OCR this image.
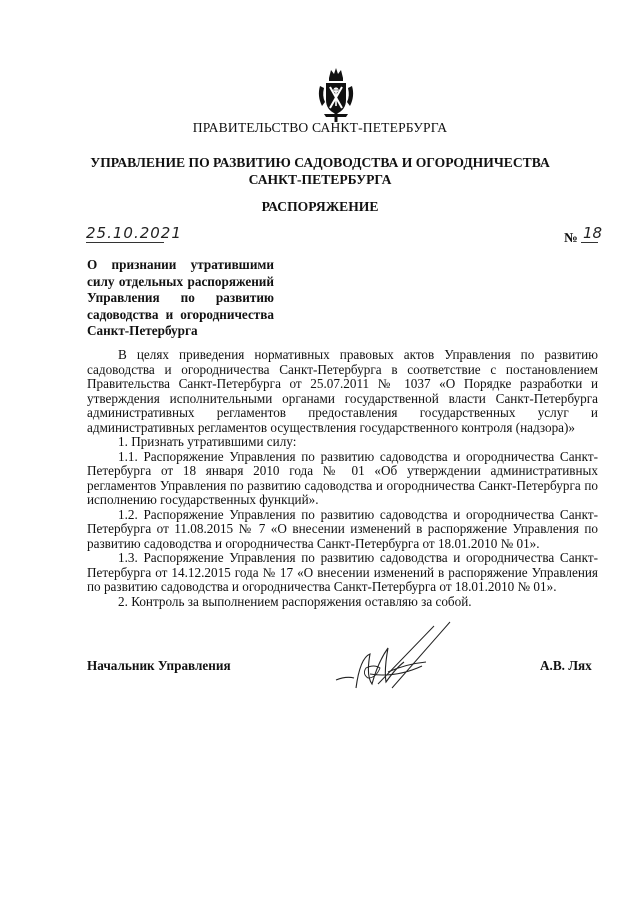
ПРАВИТЕЛЬСТВО САНКТ-ПЕТЕРБУРГА
УПРАВЛЕНИЕ ПО РАЗВИТИЮ САДОВОДСТВА И ОГОРОДНИЧЕСТВА
САНКТ-ПЕТЕРБУРГА
РАСПОРЯЖЕНИЕ
25.10.2021	№ 18
О признании утратившими силу отдельных распоряжений Управления по развитию садоводства и огородничества Санкт-Петербурга

В целях приведения нормативных правовых актов Управления по развитию садоводства и огородничества Санкт-Петербурга в соответствие с постановлением Правительства Санкт-Петербурга от 25.07.2011 № 1037 «О Порядке разработки и утверждения исполнительными органами государственной власти Санкт-Петербурга административных регламентов предоставления государственных услуг и административных регламентов осуществления государственного контроля (надзора)»

1. Признать утратившими силу:

1.1. Распоряжение Управления по развитию садоводства и огородничества Санкт-Петербурга от 18 января 2010 года № 01 «Об утверждении административных регламентов Управления по развитию садоводства и огородничества Санкт-Петербурга по исполнению государственных функций».

1.2. Распоряжение Управления по развитию садоводства и огородничества Санкт-Петербурга от 11.08.2015 № 7 «О внесении изменений в распоряжение Управления по развитию садоводства и огородничества Санкт-Петербурга от 18.01.2010 № 01».

1.3. Распоряжение Управления по развитию садоводства и огородничества Санкт-Петербурга от 14.12.2015 года № 17 «О внесении изменений в распоряжение Управления по развитию садоводства и огородничества Санкт-Петербурга от 18.01.2010 № 01».

2. Контроль за выполнением распоряжения оставляю за собой.

Начальник Управления	А.В. Лях
